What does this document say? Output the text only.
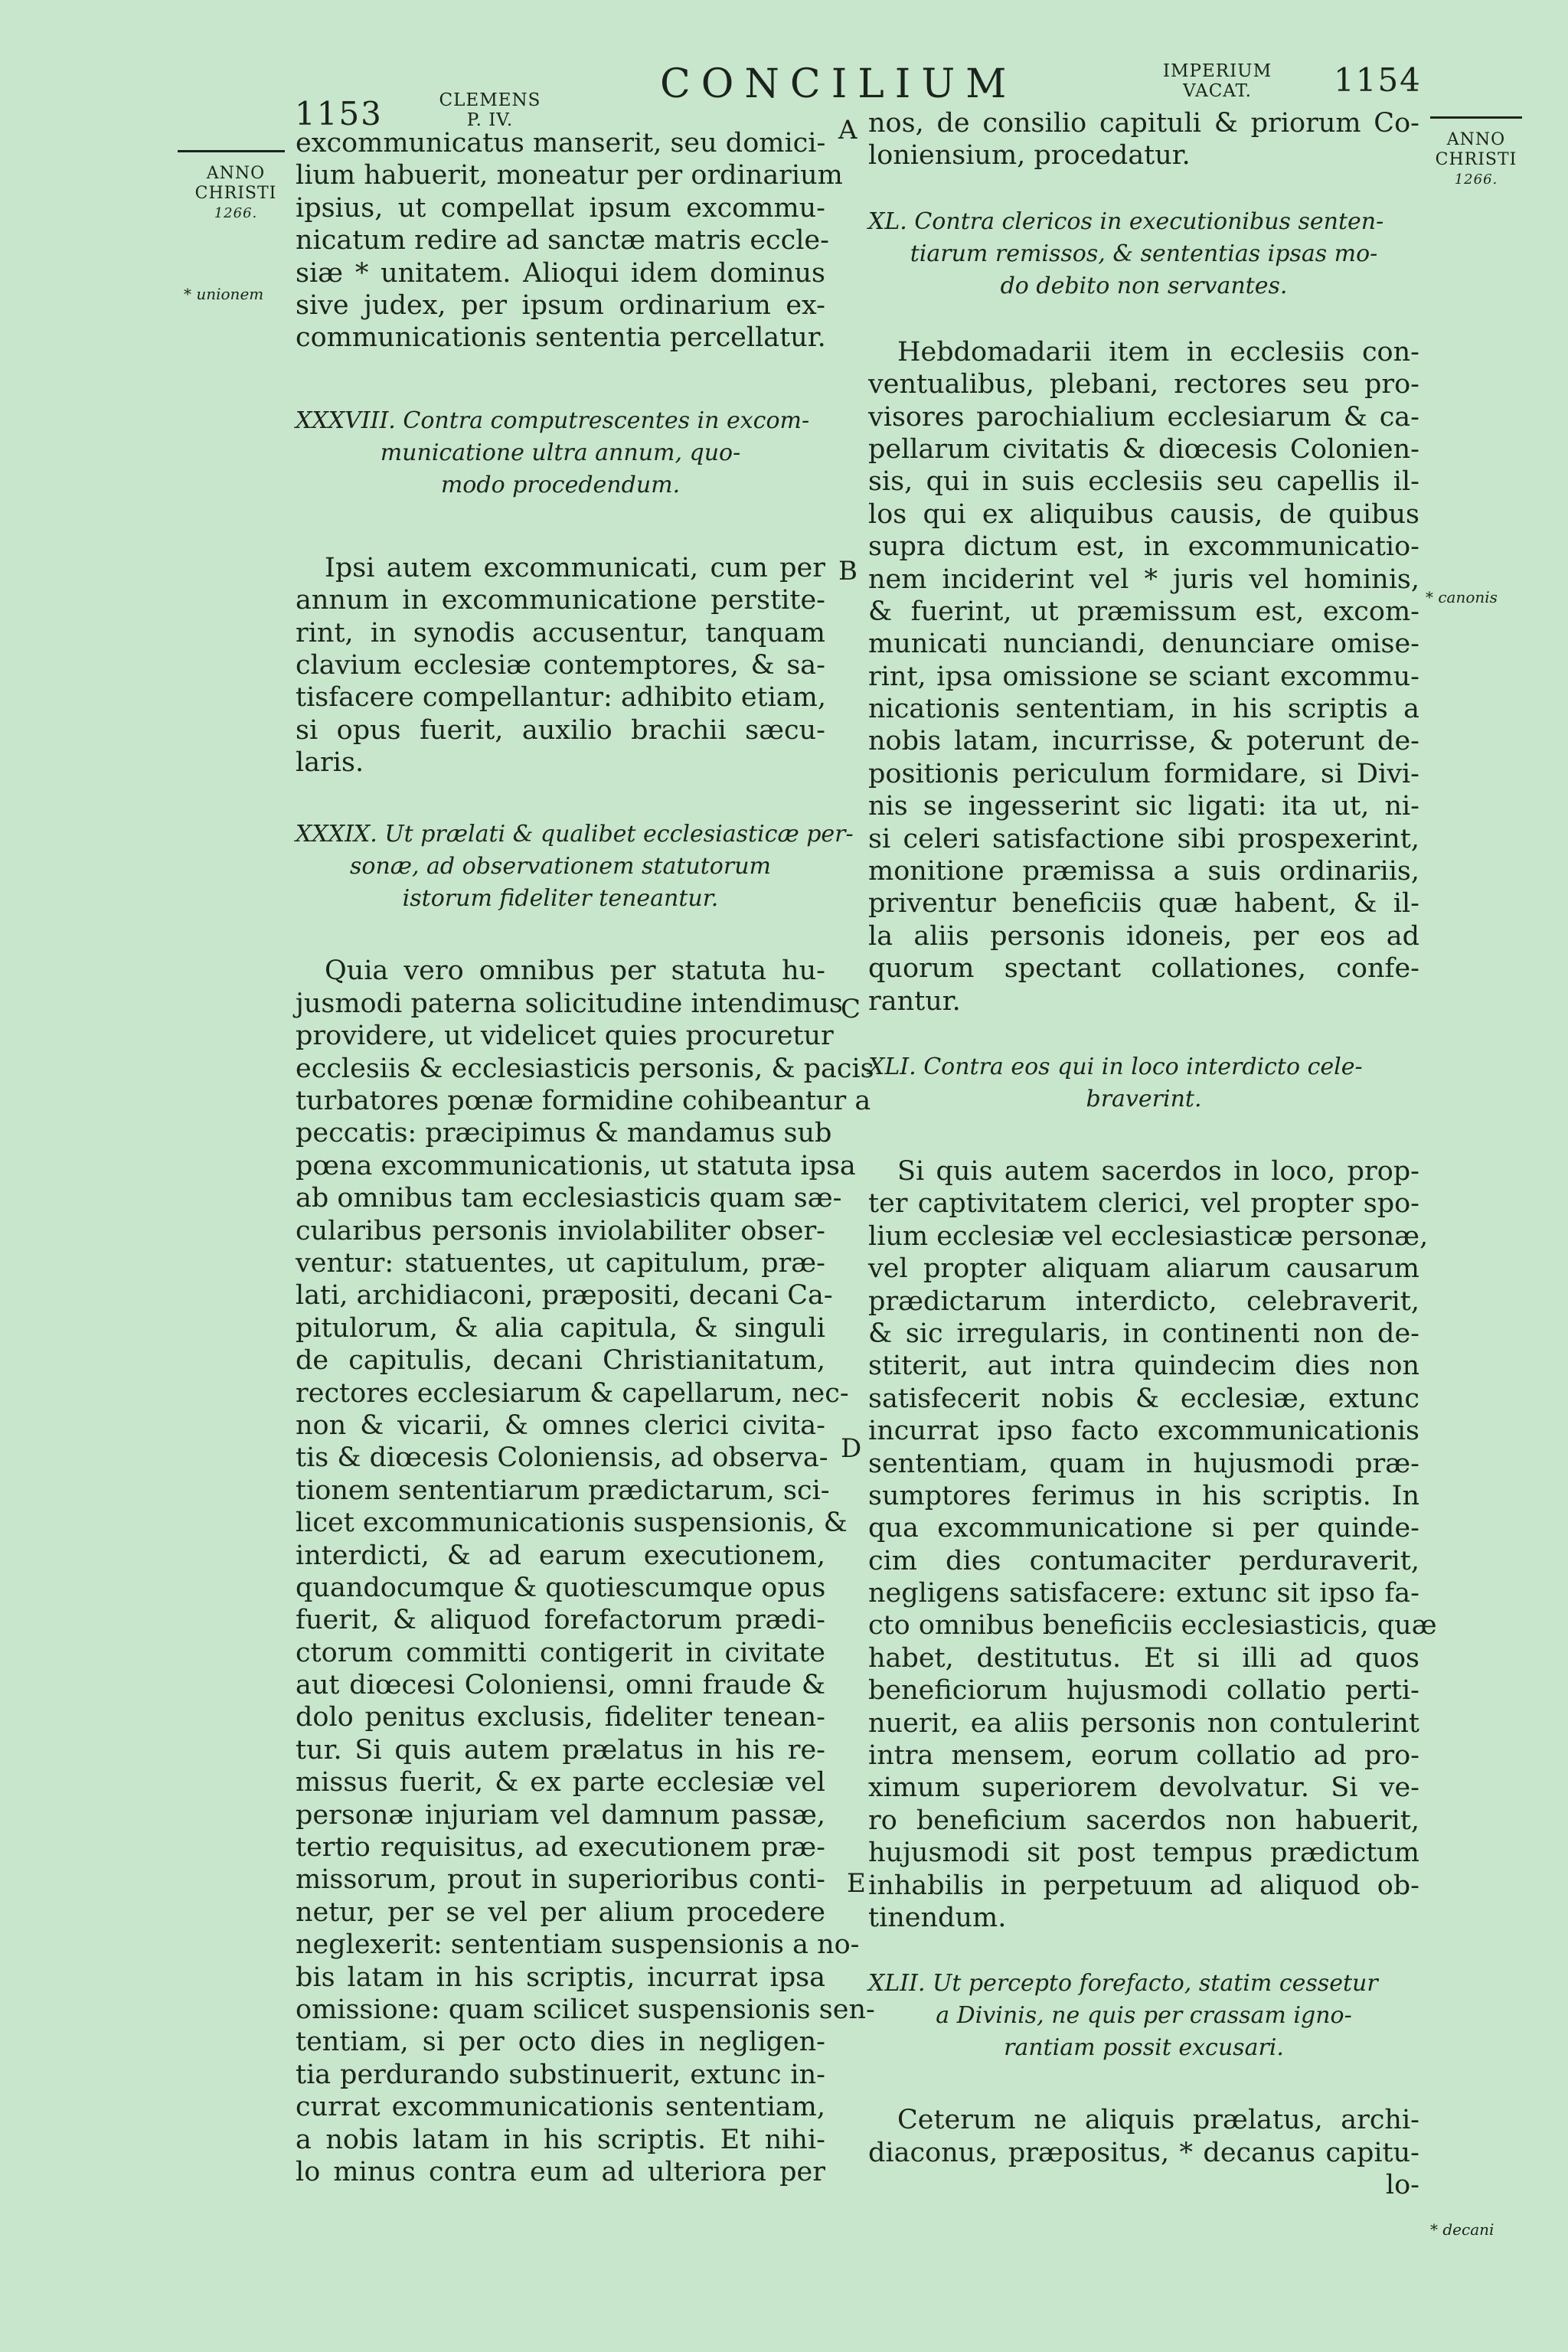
1153	CLEMENS
P. IV.
CONCILIUM	IMPERIUM
VACAT.	1154
ANNO
CHRISTI
1266.
ANNO
CHRISTI
1266.
* unionem
* canonis
* decani
A
B
C
D
E
excommunicatus manserit, seu domici-
lium habuerit, moneatur per ordinarium
ipsius, ut compellat ipsum excommu-
nicatum redire ad sanctæ matris eccle-
siæ * unitatem. Alioqui idem dominus
sive judex, per ipsum ordinarium ex-
communicationis sententia percellatur.
XXXVIII. Contra computrescentes in excom-
municatione ultra annum, quo-
modo procedendum.
Ipsi autem excommunicati, cum per
annum in excommunicatione perstite-
rint, in synodis accusentur, tanquam
clavium ecclesiæ contemptores, & sa-
tisfacere compellantur: adhibito etiam,
si opus fuerit, auxilio brachii sæcu-
laris.
XXXIX. Ut prælati & qualibet ecclesiasticæ per-
sonæ, ad observationem statutorum
istorum fideliter teneantur.
Quia vero omnibus per statuta hu-
jusmodi paterna solicitudine intendimus
providere, ut videlicet quies procuretur
ecclesiis & ecclesiasticis personis, & pacis
turbatores pœnæ formidine cohibeantur a
peccatis: præcipimus & mandamus sub
pœna excommunicationis, ut statuta ipsa
ab omnibus tam ecclesiasticis quam sæ-
cularibus personis inviolabiliter obser-
ventur: statuentes, ut capitulum, præ-
lati, archidiaconi, præpositi, decani Ca-
pitulorum, & alia capitula, & singuli
de capitulis, decani Christianitatum,
rectores ecclesiarum & capellarum, nec-
non & vicarii, & omnes clerici civita-
tis & diœcesis Coloniensis, ad observa-
tionem sententiarum prædictarum, sci-
licet excommunicationis suspensionis, &
interdicti, & ad earum executionem,
quandocumque & quotiescumque opus
fuerit, & aliquod forefactorum prædi-
ctorum committi contigerit in civitate
aut diœcesi Coloniensi, omni fraude &
dolo penitus exclusis, fideliter tenean-
tur. Si quis autem prælatus in his re-
missus fuerit, & ex parte ecclesiæ vel
personæ injuriam vel damnum passæ,
tertio requisitus, ad executionem præ-
missorum, prout in superioribus conti-
netur, per se vel per alium procedere
neglexerit: sententiam suspensionis a no-
bis latam in his scriptis, incurrat ipsa
omissione: quam scilicet suspensionis sen-
tentiam, si per octo dies in negligen-
tia perdurando substinuerit, extunc in-
currat excommunicationis sententiam,
a nobis latam in his scriptis. Et nihi-
lo minus contra eum ad ulteriora per
nos, de consilio capituli & priorum Co-
loniensium, procedatur.
XL. Contra clericos in executionibus senten-
tiarum remissos, & sententias ipsas mo-
do debito non servantes.
Hebdomadarii item in ecclesiis con-
ventualibus, plebani, rectores seu pro-
visores parochialium ecclesiarum & ca-
pellarum civitatis & diœcesis Colonien-
sis, qui in suis ecclesiis seu capellis il-
los qui ex aliquibus causis, de quibus
supra dictum est, in excommunicatio-
nem inciderint vel * juris vel hominis,
& fuerint, ut præmissum est, excom-
municati nunciandi, denunciare omise-
rint, ipsa omissione se sciant excommu-
nicationis sententiam, in his scriptis a
nobis latam, incurrisse, & poterunt de-
positionis periculum formidare, si Divi-
nis se ingesserint sic ligati: ita ut, ni-
si celeri satisfactione sibi prospexerint,
monitione præmissa a suis ordinariis,
priventur beneficiis quæ habent, & il-
la aliis personis idoneis, per eos ad
quorum spectant collationes, confe-
rantur.
XLI. Contra eos qui in loco interdicto cele-
braverint.
Si quis autem sacerdos in loco, prop-
ter captivitatem clerici, vel propter spo-
lium ecclesiæ vel ecclesiasticæ personæ,
vel propter aliquam aliarum causarum
prædictarum interdicto, celebraverit,
& sic irregularis, in continenti non de-
stiterit, aut intra quindecim dies non
satisfecerit nobis & ecclesiæ, extunc
incurrat ipso facto excommunicationis
sententiam, quam in hujusmodi præ-
sumptores ferimus in his scriptis. In
qua excommunicatione si per quinde-
cim dies contumaciter perduraverit,
negligens satisfacere: extunc sit ipso fa-
cto omnibus beneficiis ecclesiasticis, quæ
habet, destitutus. Et si illi ad quos
beneficiorum hujusmodi collatio perti-
nuerit, ea aliis personis non contulerint
intra mensem, eorum collatio ad pro-
ximum superiorem devolvatur. Si ve-
ro beneficium sacerdos non habuerit,
hujusmodi sit post tempus prædictum
inhabilis in perpetuum ad aliquod ob-
tinendum.
XLII. Ut percepto forefacto, statim cessetur
a Divinis, ne quis per crassam igno-
rantiam possit excusari.
Ceterum ne aliquis prælatus, archi-
diaconus, præpositus, * decanus capitu-
lo-
